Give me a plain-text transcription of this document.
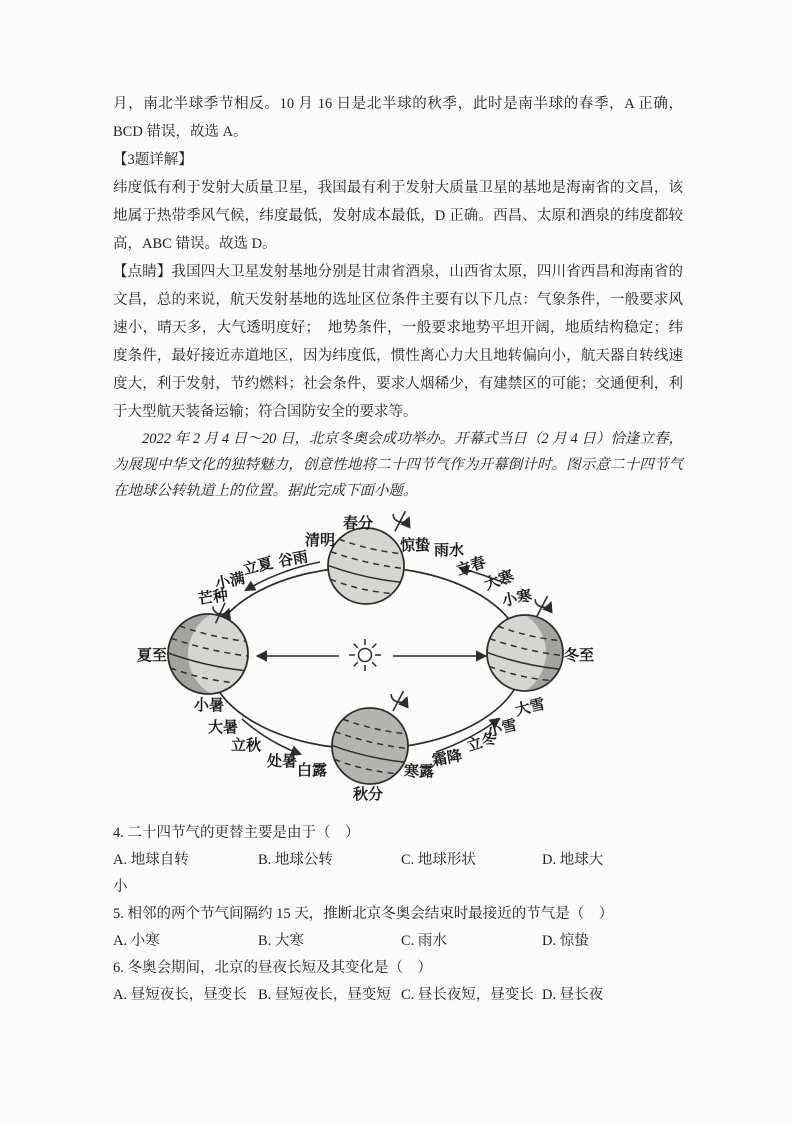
月，南北半球季节相反。10 月 16 日是北半球的秋季，此时是南半球的春季，A 正确，BCD 错误，故选 A。

【3题详解】

纬度低有利于发射大质量卫星，我国最有利于发射大质量卫星的基地是海南省的文昌，该地属于热带季风气候，纬度最低，发射成本最低，D 正确。西昌、太原和酒泉的纬度都较高，ABC 错误。故选 D。

【点睛】我国四大卫星发射基地分别是甘肃省酒泉，山西省太原，四川省西昌和海南省的文昌，总的来说，航天发射基地的选址区位条件主要有以下几点：气象条件，一般要求风速小，晴天多，大气透明度好；　地势条件，一般要求地势平坦开阔，地质结构稳定；纬度条件，最好接近赤道地区，因为纬度低，惯性离心力大且地转偏向小，航天器自转线速度大，利于发射，节约燃料；社会条件，要求人烟稀少，有建禁区的可能；交通便利，利于大型航天装备运输；符合国防安全的要求等。

2022 年 2 月 4 日～20 日，北京冬奥会成功举办。开幕式当日（2 月 4 日）恰逢立春，为展现中华文化的独特魅力，创意性地将二十四节气作为开幕倒计时。图示意二十四节气在地球公转轨道上的位置。据此完成下面小题。

春分
清明	惊蛰 雨水
谷雨
立夏	立春
大寒
小满
芒种	小寒
夏至	冬至
小暑	大雪
大暑	小雪
立秋	立冬
处暑	霜降
白露	寒露
秋分

4. 二十四节气的更替主要是由于（　）

A. 地球自转	B. 地球公转	C. 地球形状	D. 地球大

小

5. 相邻的两个节气间隔约 15 天，推断北京冬奥会结束时最接近的节气是（　）

A. 小寒	B. 大寒	C. 雨水	D. 惊蛰

6. 冬奥会期间，北京的昼夜长短及其变化是（　）

A. 昼短夜长，昼变长 B. 昼短夜长，昼变短 C. 昼长夜短，昼变长 D. 昼长夜
